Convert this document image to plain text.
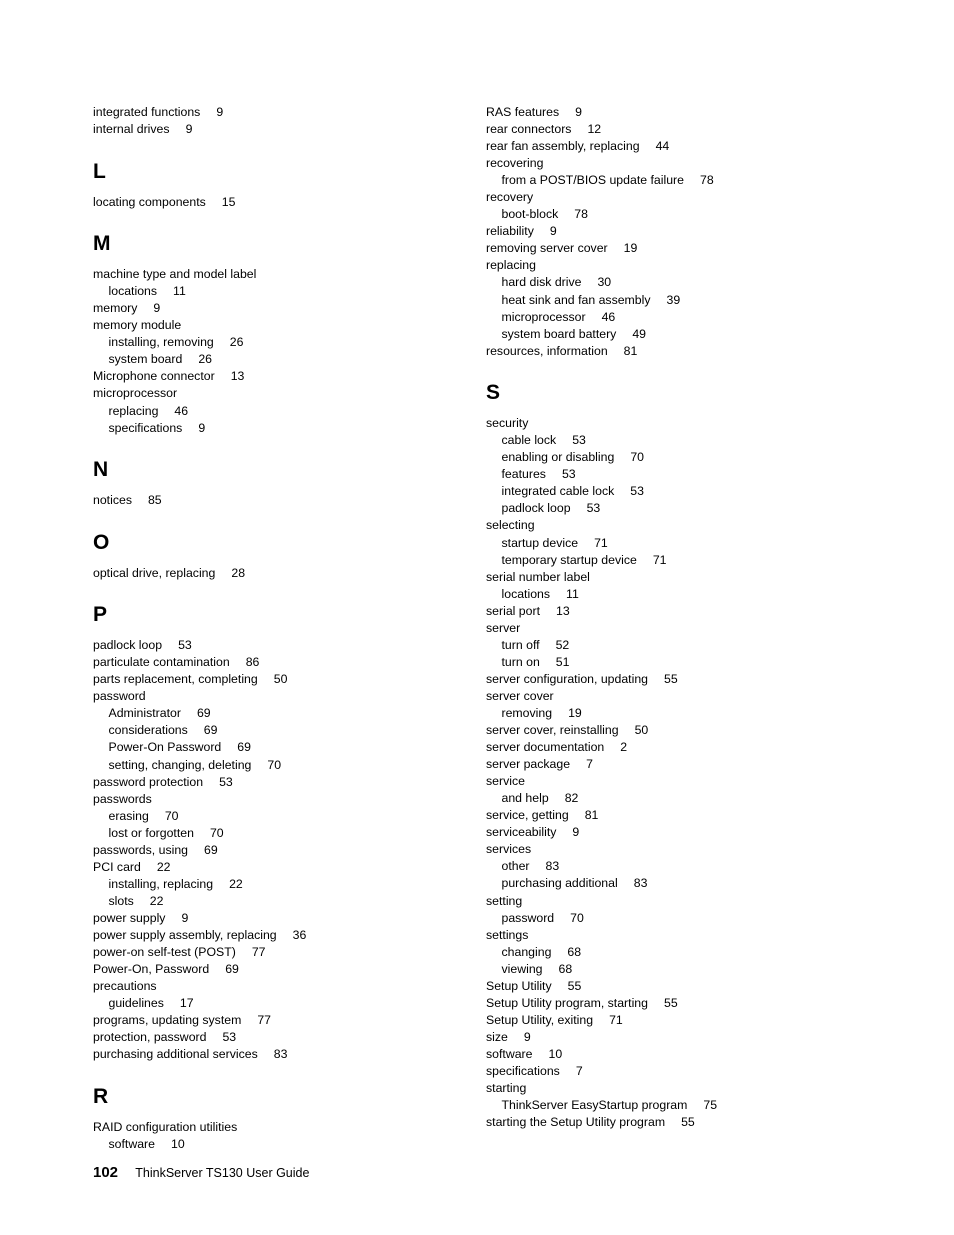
integrated functions 9
internal drives 9
L
locating components 15
M
machine type and model label
locations 11
memory 9
memory module
installing, removing 26
system board 26
Microphone connector 13
microprocessor
replacing 46
specifications 9
N
notices 85
O
optical drive, replacing 28
P
padlock loop 53
particulate contamination 86
parts replacement, completing 50
password
Administrator 69
considerations 69
Power-On Password 69
setting, changing, deleting 70
password protection 53
passwords
erasing 70
lost or forgotten 70
passwords, using 69
PCI card 22
installing, replacing 22
slots 22
power supply 9
power supply assembly, replacing 36
power-on self-test (POST) 77
Power-On, Password 69
precautions
guidelines 17
programs, updating system 77
protection, password 53
purchasing additional services 83
R
RAID configuration utilities
software 10
RAS features 9
rear connectors 12
rear fan assembly, replacing 44
recovering
from a POST/BIOS update failure 78
recovery
boot-block 78
reliability 9
removing server cover 19
replacing
hard disk drive 30
heat sink and fan assembly 39
microprocessor 46
system board battery 49
resources, information 81
S
security
cable lock 53
enabling or disabling 70
features 53
integrated cable lock 53
padlock loop 53
selecting
startup device 71
temporary startup device 71
serial number label
locations 11
serial port 13
server
turn off 52
turn on 51
server configuration, updating 55
server cover
removing 19
server cover, reinstalling 50
server documentation 2
server package 7
service
and help 82
service, getting 81
serviceability 9
services
other 83
purchasing additional 83
setting
password 70
settings
changing 68
viewing 68
Setup Utility 55
Setup Utility program, starting 55
Setup Utility, exiting 71
size 9
software 10
specifications 7
starting
ThinkServer EasyStartup program 75
starting the Setup Utility program 55
102 ThinkServer TS130 User Guide
